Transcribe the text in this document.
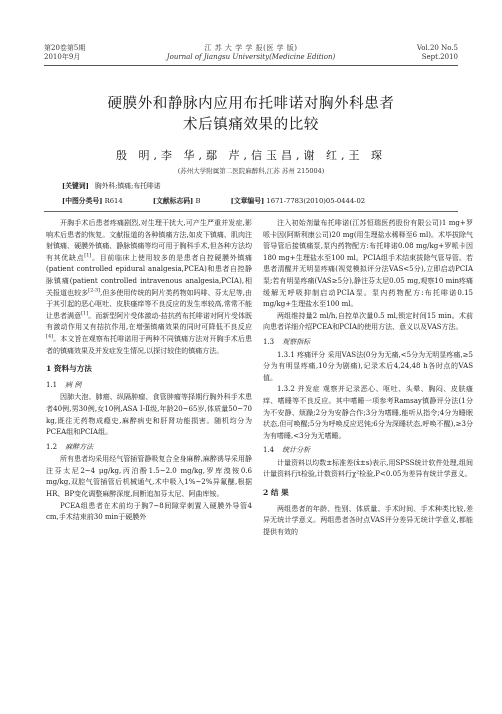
第20卷第5期
2010年9月
江 苏 大 学 学 报(医 学 版)
Journal of Jiangsu University(Medicine Edition)
Vol.20 No.5
Sept.2010
硬膜外和静脉内应用布托啡诺对胸外科患者
术后镇痛效果的比较
殷 明,李 华,鄢 芹,信玉昌,谢 红,王 琛
(苏州大学附属第二医院麻醉科,江苏 苏州 215004)
[关键词] 胸外科;镇痛;布托啡诺
[中图分类号] R614	[文献标志码] B	[文章编号] 1671-7783(2010)05-0444-02

开胸手术后患者疼痛剧烈,对生理干扰大,可产生严重并发症,影响术后患者的恢复。文献报道的各种镇痛方法,如皮下镇痛、肌肉注射镇痛、硬膜外镇痛、静脉镇痛等均可用于胸科手术,但各种方法均有其优缺点[1]。目前临床上使用较多的是患者自控硬膜外镇痛(patient controlled epidural analgesia,PCEA)和患者自控静脉镇痛(patient controlled intravenous analgesia,PCIA),相关报道也较多[2-3],但多使用传统的阿片类药物如吗啡、芬太尼等,由于其引起的恶心呕吐、皮肤瘙痒等不良反应的发生率较高,常常不能让患者满意[1]。而新型阿片受体激动-拮抗药布托啡诺对阿片受体既有激动作用又有拮抗作用,在增强镇痛效果的同时可降低不良反应[4]。本文旨在观察布托啡诺用于两种不同镇痛方法对开胸手术后患者的镇痛效果及并发症发生情况,以探讨较佳的镇痛方法。

1 资料与方法
1.1 病 例

因肺大泡、肺癌、纵隔肿瘤、食管肿瘤等择期行胸外科手术患者40例,男30例,女10例,ASA Ⅰ-Ⅱ级,年龄20~65岁,体质量50~70 kg,既往无药物成瘾史,麻醉病史和肝肾功能损害。随机均分为PCEA组和PCIA组。

1.2 麻醉方法

所有患者均采用经气管插管静吸复合全身麻醉,麻醉诱导采用静注芬太尼2~4 μg/kg,丙泊酚1.5~2.0 mg/kg,罗库溴铵0.6 mg/kg,双腔气管插管后机械通气,术中吸入1%~2%异氟醚,根据HR、BP变化调整麻醉深度,间断追加芬太尼、阿曲库铵。

PCEA组患者在术前均于胸7~8间隙穿刺置入硬膜外导管4 cm,手术结束前30 min于硬膜外

注入初始剂量布托啡诺(江苏恒瑞医药股份有限公司)1 mg+罗哌卡因(阿斯利康公司)20 mg(用生理盐水稀释至6 ml)。术毕拔除气管导管后接镇痛泵,泵内药物配方:布托啡诺0.08 mg/kg+罗哌卡因180 mg+生理盐水至100 ml。PCIA组手术结束拔除气管导管。若患者清醒并无明显疼痛(视觉模拟评分法VAS<5分),立即启动PCIA泵;若有明显疼痛(VAS≥5分),静注芬太尼0.05 mg,观察10 min疼痛缓解无呼吸抑制启动PCIA泵。泵内药物配方:布托啡诺0.15 mg/kg+生理盐水至100 ml。

两组维持量2 ml/h,自控单次量0.5 ml,锁定时间15 min。术前向患者详细介绍PCEA和PCIA的使用方法、意义以及VAS方法。

1.3 观察指标

1.3.1 疼痛评分 采用VAS法(0分为无痛,<5分为无明显疼痛,≥5分为有明显疼痛,10分为剧痛),记录术后4,24,48 h各时点的VAS值。

1.3.2 并发症 观察并记录恶心、呕吐、头晕、胸闷、皮肤瘙痒、嗜睡等不良反应。其中嗜睡一项参考Ramsay镇静评分法(1分为不安静、烦躁;2分为安静合作;3分为嗜睡,能听从指令;4分为睡眠状态,但可唤醒;5分为呼唤反应迟钝;6分为深睡状态,呼唤不醒),≥3分为有嗜睡,<3分为无嗜睡。

1.4 统计分析

计量资料以均数±标准差(x̄±s)表示,用SPSS统计软件处理,组间计量资料行t检验,计数资料行χ²检验,P<0.05为差异有统计学意义。

2 结 果

两组患者的年龄、性别、体质量、手术时间、手术种类比较,差异无统计学意义。两组患者各时点VAS评分差异无统计学意义,都能提供有效的
